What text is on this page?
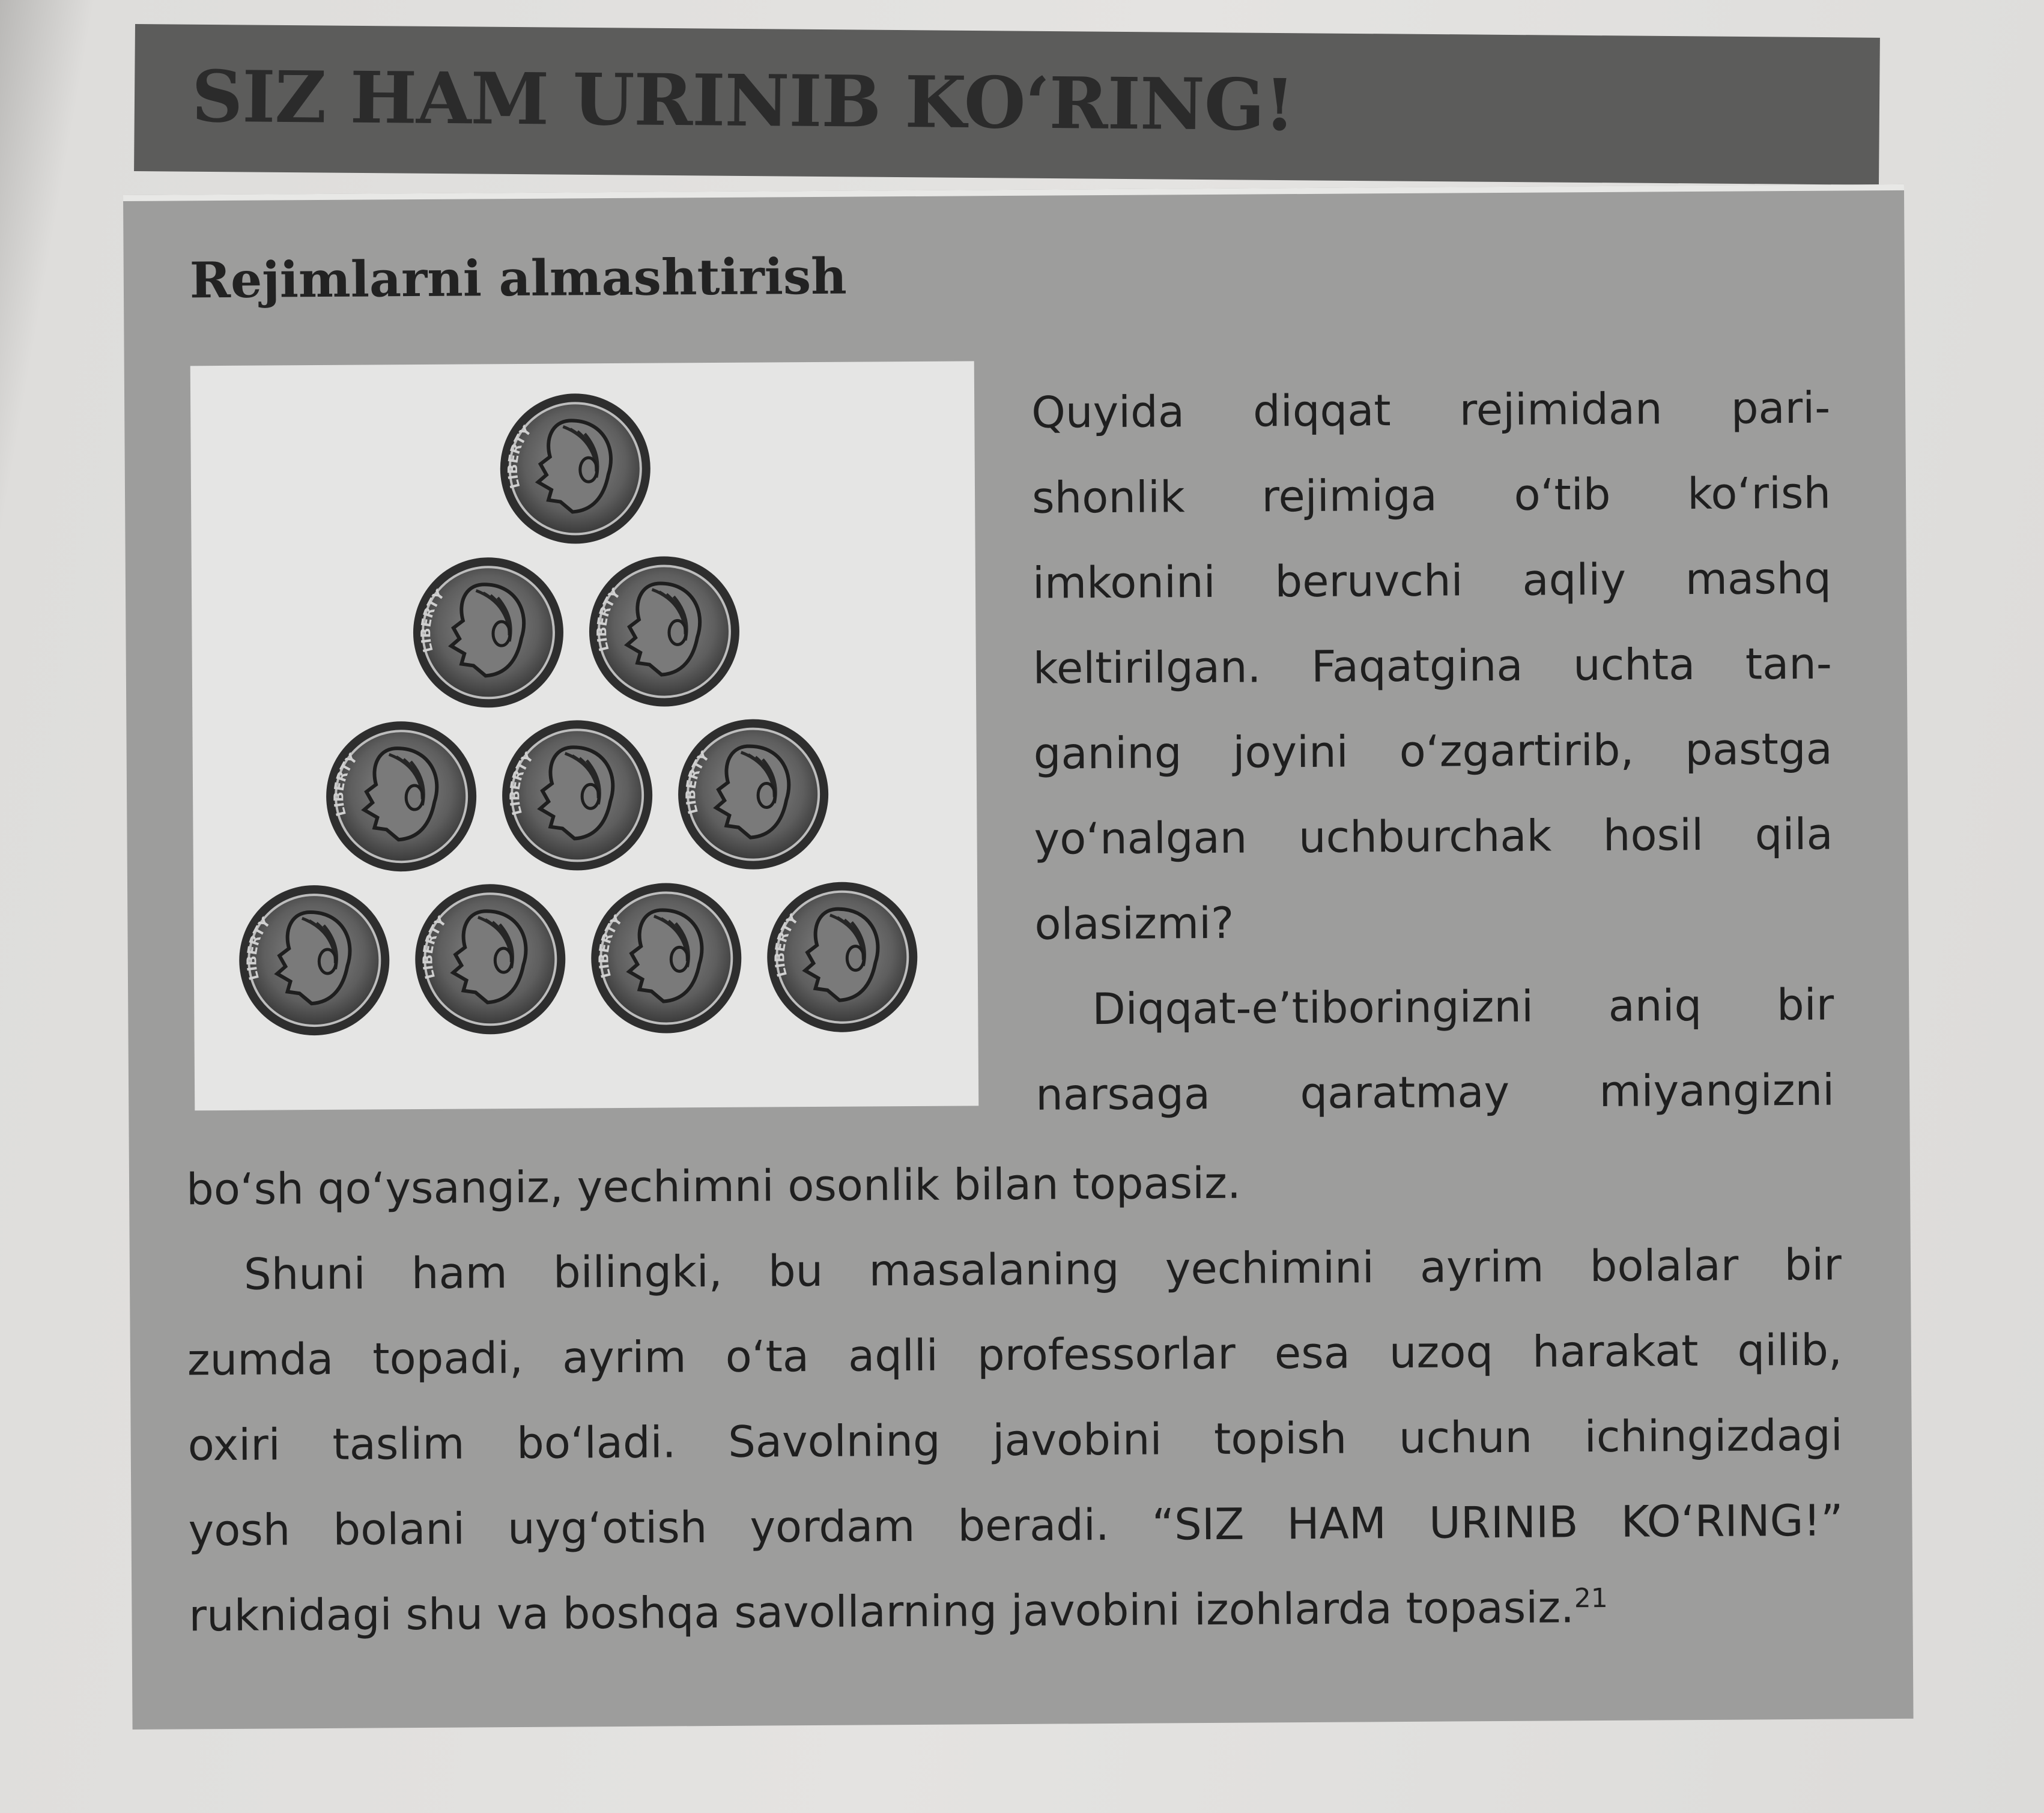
SIZ HAM URINIB KOʻRING!
Rejimlarni almashtirish
LIBERTY
LIBERTY
LIBERTY
LIBERTY
LIBERTY
LIBERTY
LIBERTY
LIBERTY
LIBERTY
LIBERTY
Quyida diqqat rejimidan pari-
shonlik rejimiga oʻtib koʻrish
imkonini beruvchi aqliy mashq
keltirilgan. Faqatgina uchta tan-
ganing joyini oʻzgartirib, pastga
yoʻnalgan uchburchak hosil qila
olasizmi?
Diqqat-eʼtiboringizni aniq bir
narsaga qaratmay miyangizni
boʻsh qoʻysangiz, yechimni osonlik bilan topasiz.
Shuni ham bilingki, bu masalaning yechimini ayrim bolalar bir
zumda topadi, ayrim oʻta aqlli professorlar esa uzoq harakat qilib,
oxiri taslim boʻladi. Savolning javobini topish uchun ichingizdagi
yosh bolani uygʻotish yordam beradi. “SIZ HAM URINIB KOʻRING!”
ruknidagi shu va boshqa savollarning javobini izohlarda topasiz.$^{21}$
